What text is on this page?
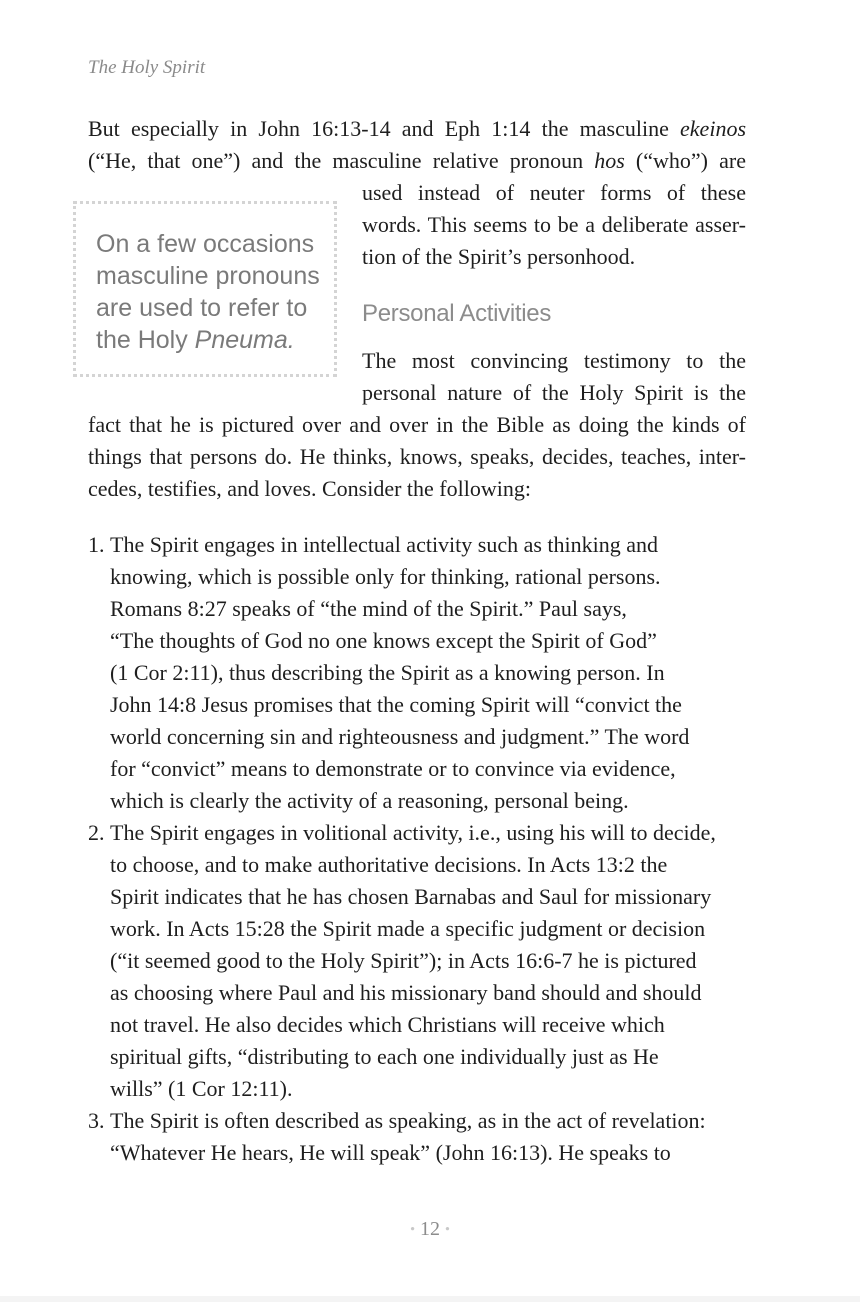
The Holy Spirit
But especially in John 16:13-14 and Eph 1:14 the masculine ekeinos
(“He, that one”) and the masculine relative pronoun hos (“who”) are
used instead of neuter forms of these
words. This seems to be a deliberate asser-
tion of the Spirit’s personhood.
On a few occasions
masculine pronouns
are used to refer to
the Holy Pneuma.
Personal Activities
The most convincing testimony to the
personal nature of the Holy Spirit is the
fact that he is pictured over and over in the Bible as doing the kinds of
things that persons do. He thinks, knows, speaks, decides, teaches, inter-
cedes, testifies, and loves. Consider the following:
1. The Spirit engages in intellectual activity such as thinking and
knowing, which is possible only for thinking, rational persons.
Romans 8:27 speaks of “the mind of the Spirit.” Paul says,
“The thoughts of God no one knows except the Spirit of God”
(1 Cor 2:11), thus describing the Spirit as a knowing person. In
John 14:8 Jesus promises that the coming Spirit will “convict the
world concerning sin and righteousness and judgment.” The word
for “convict” means to demonstrate or to convince via evidence,
which is clearly the activity of a reasoning, personal being.
2. The Spirit engages in volitional activity, i.e., using his will to decide,
to choose, and to make authoritative decisions. In Acts 13:2 the
Spirit indicates that he has chosen Barnabas and Saul for missionary
work. In Acts 15:28 the Spirit made a specific judgment or decision
(“it seemed good to the Holy Spirit”); in Acts 16:6-7 he is pictured
as choosing where Paul and his missionary band should and should
not travel. He also decides which Christians will receive which
spiritual gifts, “distributing to each one individually just as He
wills” (1 Cor 12:11).
3. The Spirit is often described as speaking, as in the act of revelation:
“Whatever He hears, He will speak” (John 16:13). He speaks to
• 12 •
